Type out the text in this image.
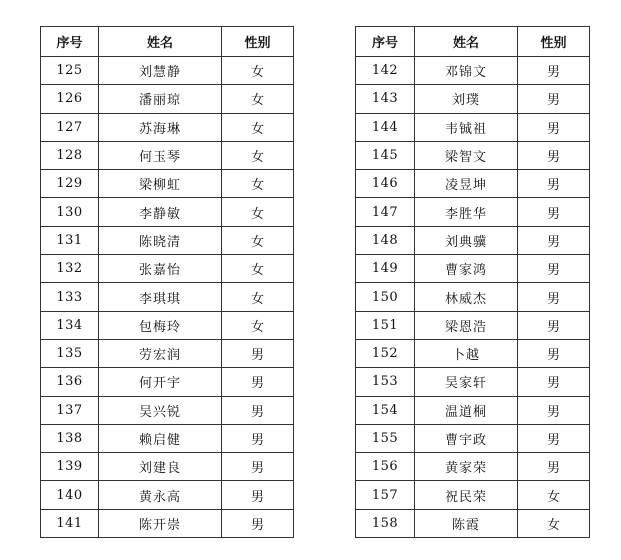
序号	姓名	性别
125	刘慧静	女
126	潘丽琼	女
127	苏海琳	女
128	何玉琴	女
129	梁柳虹	女
130	李静敏	女
131	陈晓清	女
132	张嘉怡	女
133	李琪琪	女
134	包梅玲	女
135	劳宏润	男
136	何开宇	男
137	吴兴锐	男
138	赖启健	男
139	刘建良	男
140	黄永高	男
141	陈开崇	男
序号	姓名	性别
142	邓锦文	男
143	刘璞	男
144	韦铖祖	男
145	梁智文	男
146	凌昱坤	男
147	李胜华	男
148	刘典骥	男
149	曹家鸿	男
150	林威杰	男
151	梁恩浩	男
152	卜越	男
153	吴家轩	男
154	温道桐	男
155	曹宇政	男
156	黄家荣	男
157	祝民荣	女
158	陈霞	女
